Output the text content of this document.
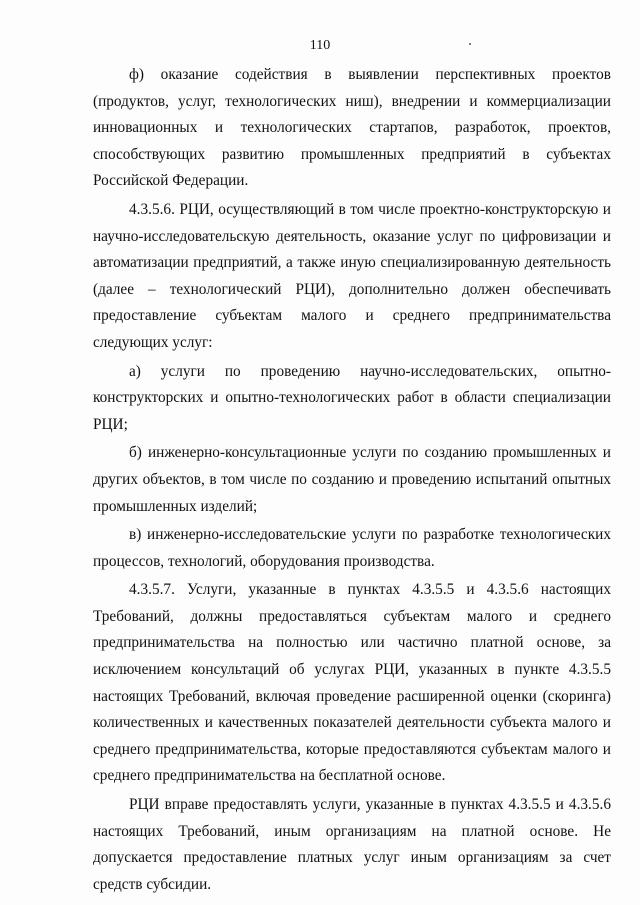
110

ф) оказание содействия в выявлении перспективных проектов (продуктов, услуг, технологических ниш), внедрении и коммерциализации инновационных и технологических стартапов, разработок, проектов, способствующих развитию промышленных предприятий в субъектах Российской Федерации.

4.3.5.6. РЦИ, осуществляющий в том числе проектно-конструкторскую и научно-исследовательскую деятельность, оказание услуг по цифровизации и автоматизации предприятий, а также иную специализированную деятельность (далее – технологический РЦИ), дополнительно должен обеспечивать предоставление субъектам малого и среднего предпринимательства следующих услуг:

а) услуги по проведению научно-исследовательских, опытно-конструкторских и опытно-технологических работ в области специализации РЦИ;

б) инженерно-консультационные услуги по созданию промышленных и других объектов, в том числе по созданию и проведению испытаний опытных промышленных изделий;

в) инженерно-исследовательские услуги по разработке технологических процессов, технологий, оборудования производства.

4.3.5.7. Услуги, указанные в пунктах 4.3.5.5 и 4.3.5.6 настоящих Требований, должны предоставляться субъектам малого и среднего предпринимательства на полностью или частично платной основе, за исключением консультаций об услугах РЦИ, указанных в пункте 4.3.5.5 настоящих Требований, включая проведение расширенной оценки (скоринга) количественных и качественных показателей деятельности субъекта малого и среднего предпринимательства, которые предоставляются субъектам малого и среднего предпринимательства на бесплатной основе.

РЦИ вправе предоставлять услуги, указанные в пунктах 4.3.5.5 и 4.3.5.6 настоящих Требований, иным организациям на платной основе. Не допускается предоставление платных услуг иным организациям за счет средств субсидии.
